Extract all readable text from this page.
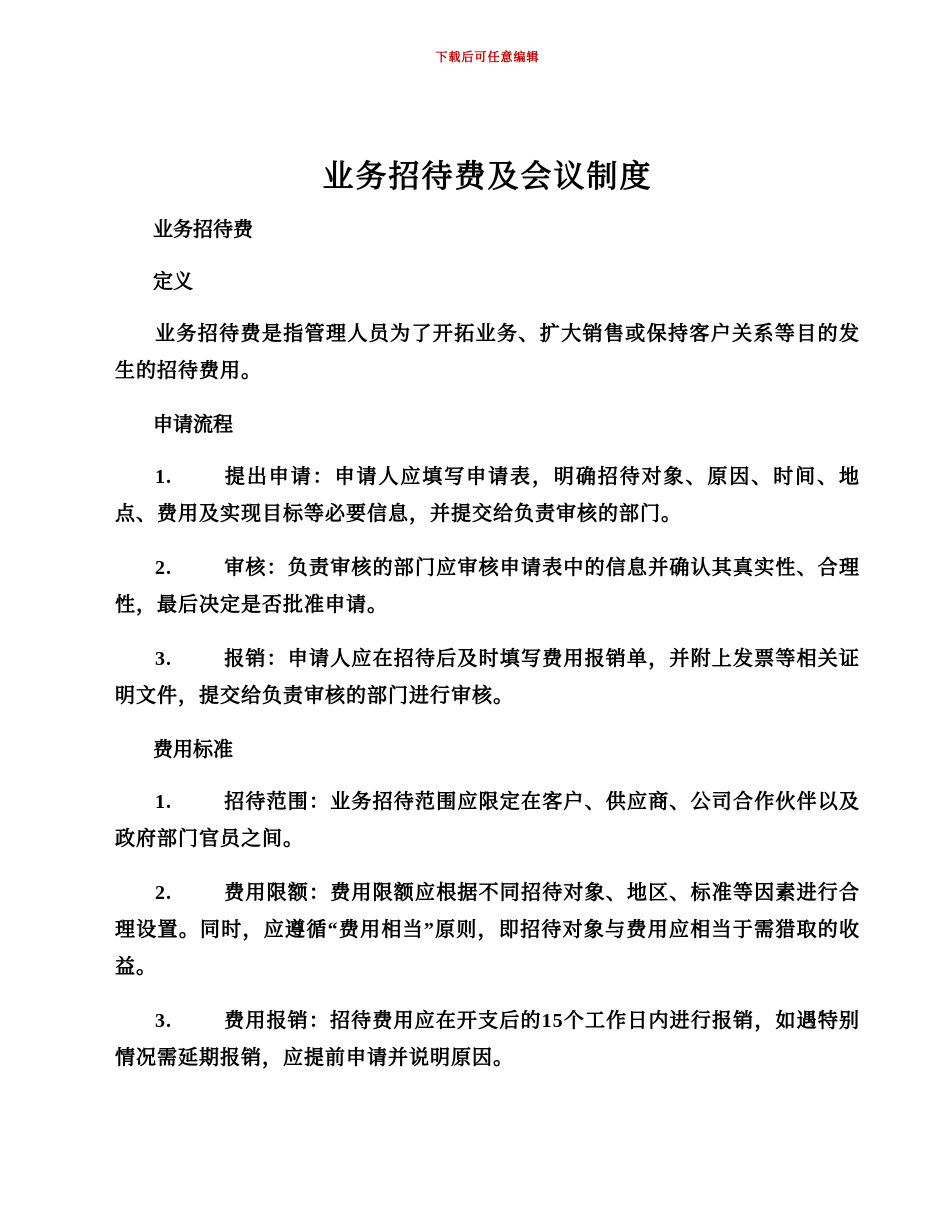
下载后可任意编辑
业务招待费及会议制度

业务招待费

定义

业务招待费是指管理人员为了开拓业务、扩大销售或保持客户关系等目的发生的招待费用。

申请流程

1.	提出申请：申请人应填写申请表，明确招待对象、原因、时间、地点、费用及实现目标等必要信息，并提交给负责审核的部门。

2.	审核：负责审核的部门应审核申请表中的信息并确认其真实性、合理性，最后决定是否批准申请。

3.	报销：申请人应在招待后及时填写费用报销单，并附上发票等相关证明文件，提交给负责审核的部门进行审核。

费用标准

1.	招待范围：业务招待范围应限定在客户、供应商、公司合作伙伴以及政府部门官员之间。

2.	费用限额：费用限额应根据不同招待对象、地区、标准等因素进行合理设置。同时，应遵循“费用相当”原则，即招待对象与费用应相当于需猎取的收益。

3.	费用报销：招待费用应在开支后的15个工作日内进行报销，如遇特别情况需延期报销，应提前申请并说明原因。
